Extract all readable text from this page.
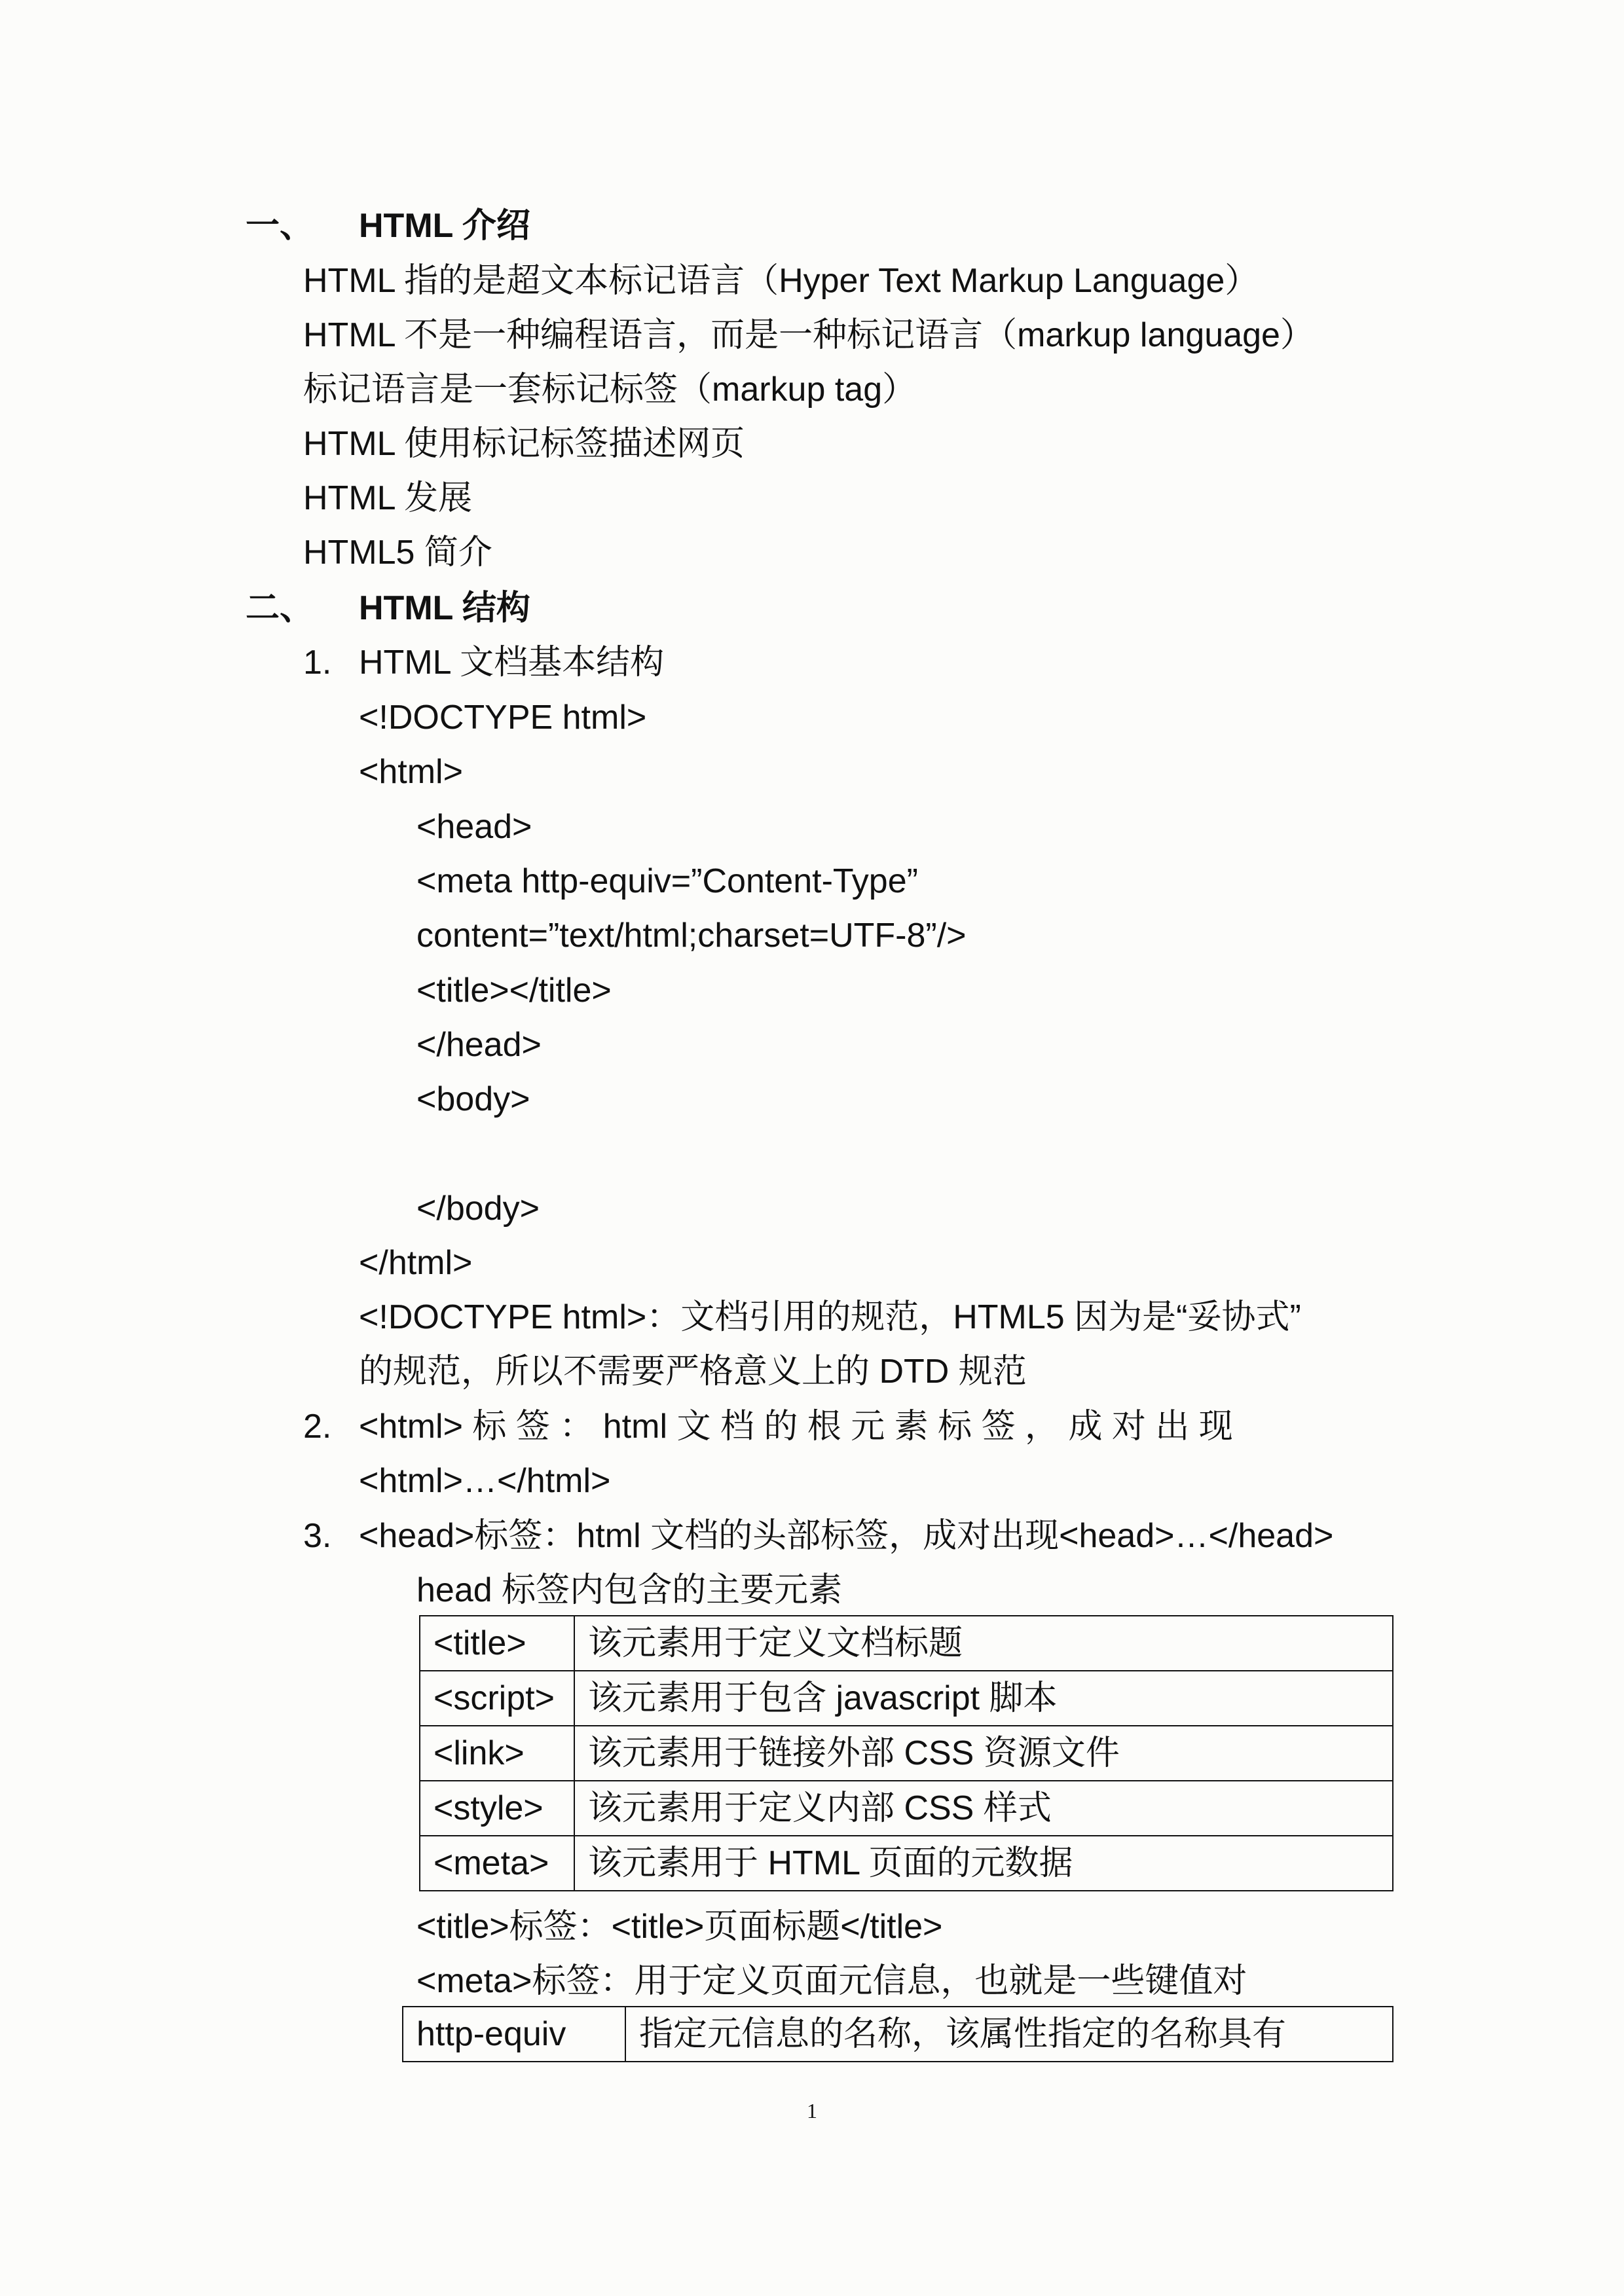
一、 HTML 介绍
HTML 指的是超文本标记语言（Hyper Text Markup Language）
HTML 不是一种编程语言，而是一种标记语言（markup language）
标记语言是一套标记标签（markup tag）
HTML 使用标记标签描述网页
HTML 发展
HTML5 简介
二、 HTML 结构
1. HTML 文档基本结构
<!DOCTYPE html>
<html>
<head>
<meta http-equiv=”Content-Type”
content=”text/html;charset=UTF-8”/>
<title></title>
</head>
<body>
</body>
</html>
<!DOCTYPE html>：文档引用的规范，HTML5 因为是“妥协式”
的规范，所以不需要严格意义上的 DTD 规范
2. <html> 标 签 ： html 文 档 的 根 元 素 标 签 ， 成 对 出 现
<html>…</html>
3. <head>标签：html 文档的头部标签，成对出现<head>…</head>
head 标签内包含的主要元素
<title>	该元素用于定义文档标题
<script>	该元素用于包含 javascript 脚本
<link>	该元素用于链接外部 CSS 资源文件
<style>	该元素用于定义内部 CSS 样式
<meta>	该元素用于 HTML 页面的元数据
<title>标签：<title>页面标题</title>
<meta>标签：用于定义页面元信息，也就是一些键值对
http-equiv	指定元信息的名称，该属性指定的名称具有
1
